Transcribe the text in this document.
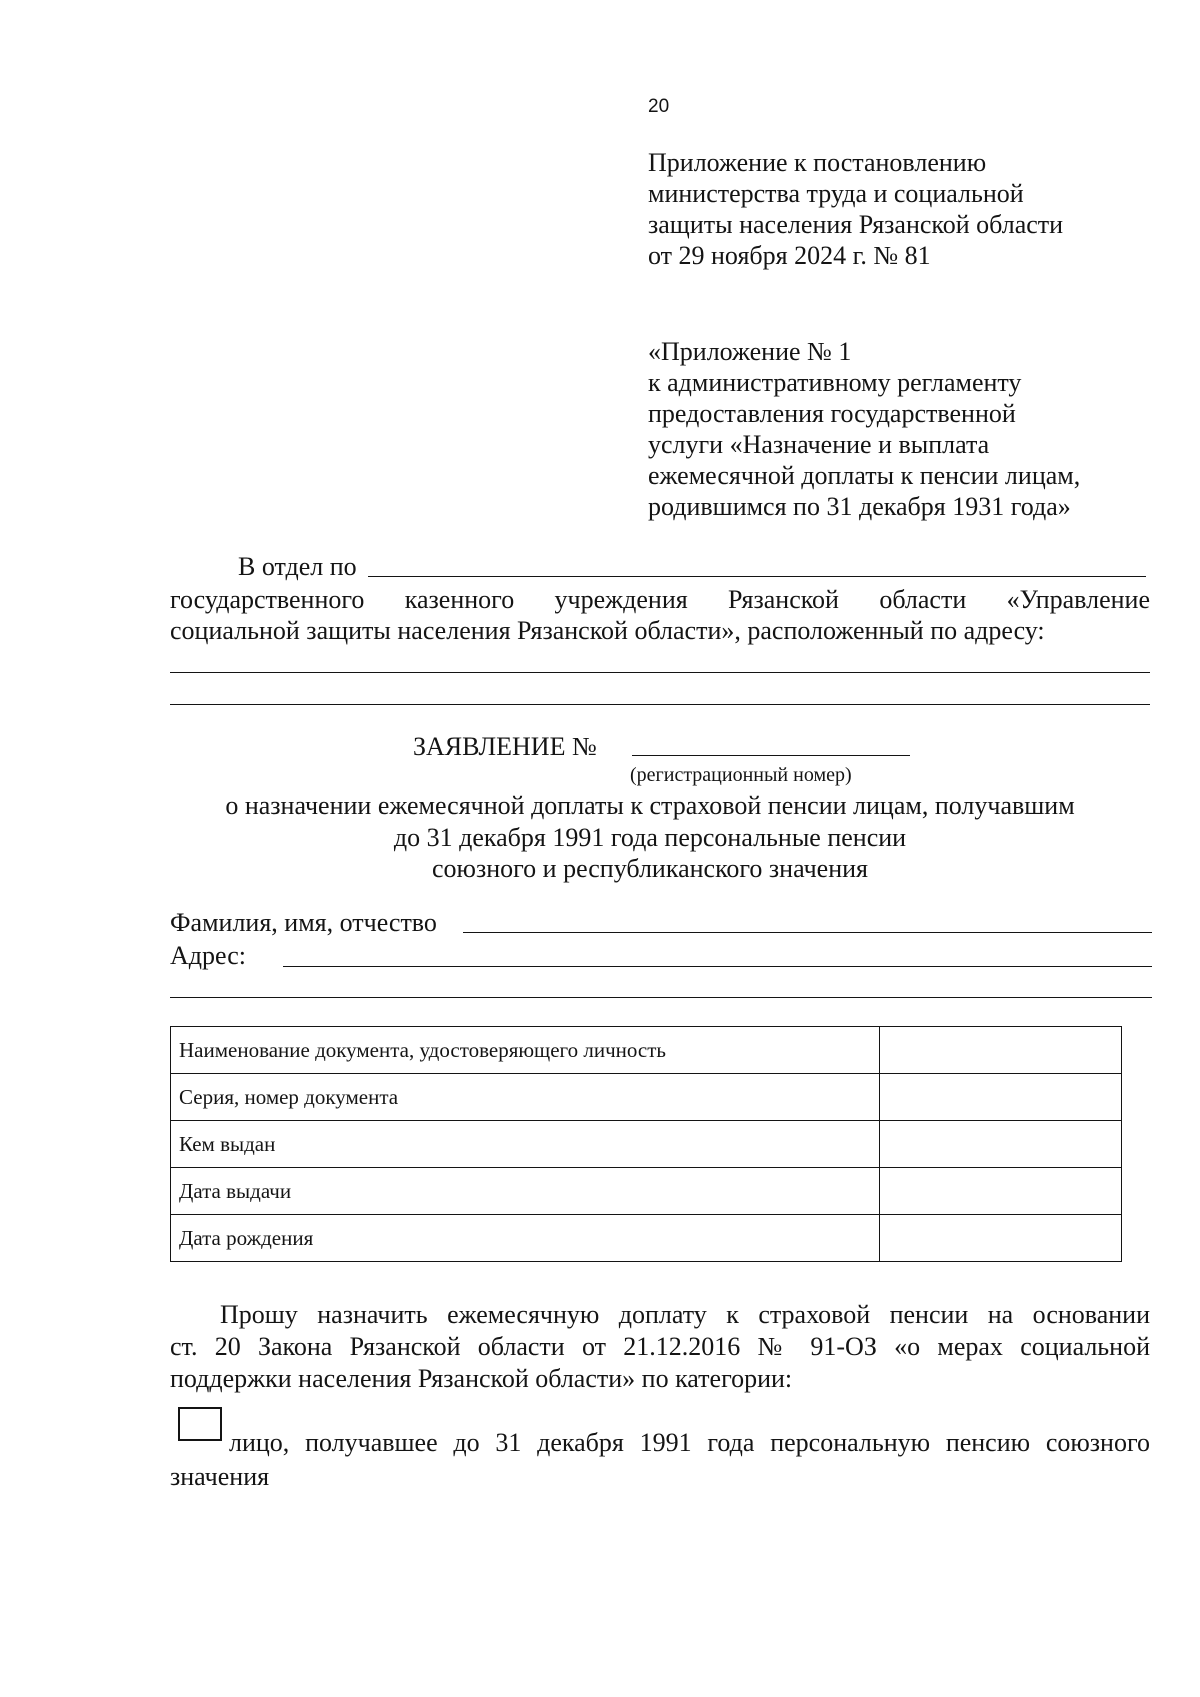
20
Приложение к постановлению
министерства труда и социальной
защиты населения Рязанской области
от 29 ноября 2024 г. № 81
«Приложение № 1
к административному регламенту
предоставления государственной
услуги «Назначение и выплата
ежемесячной доплаты к пенсии лицам,
родившимся по 31 декабря 1931 года»
В отдел по
государственного казенного учреждения Рязанской области «Управление
социальной защиты населения Рязанской области», расположенный по адресу:
ЗАЯВЛЕНИЕ №
(регистрационный номер)
о назначении ежемесячной доплаты к страховой пенсии лицам, получавшим
до 31 декабря 1991 года персональные пенсии
союзного и республиканского значения
Фамилия, имя, отчество
Адрес:
Наименование документа, удостоверяющего личность	
Серия, номер документа	
Кем выдан	
Дата выдачи	
Дата рождения	
Прошу назначить ежемесячную доплату к страховой пенсии на основании
ст. 20 Закона Рязанской области от 21.12.2016 № 91-ОЗ «о мерах социальной
поддержки населения Рязанской области» по категории:
лицо, получавшее до 31 декабря 1991 года персональную пенсию союзного
значения
